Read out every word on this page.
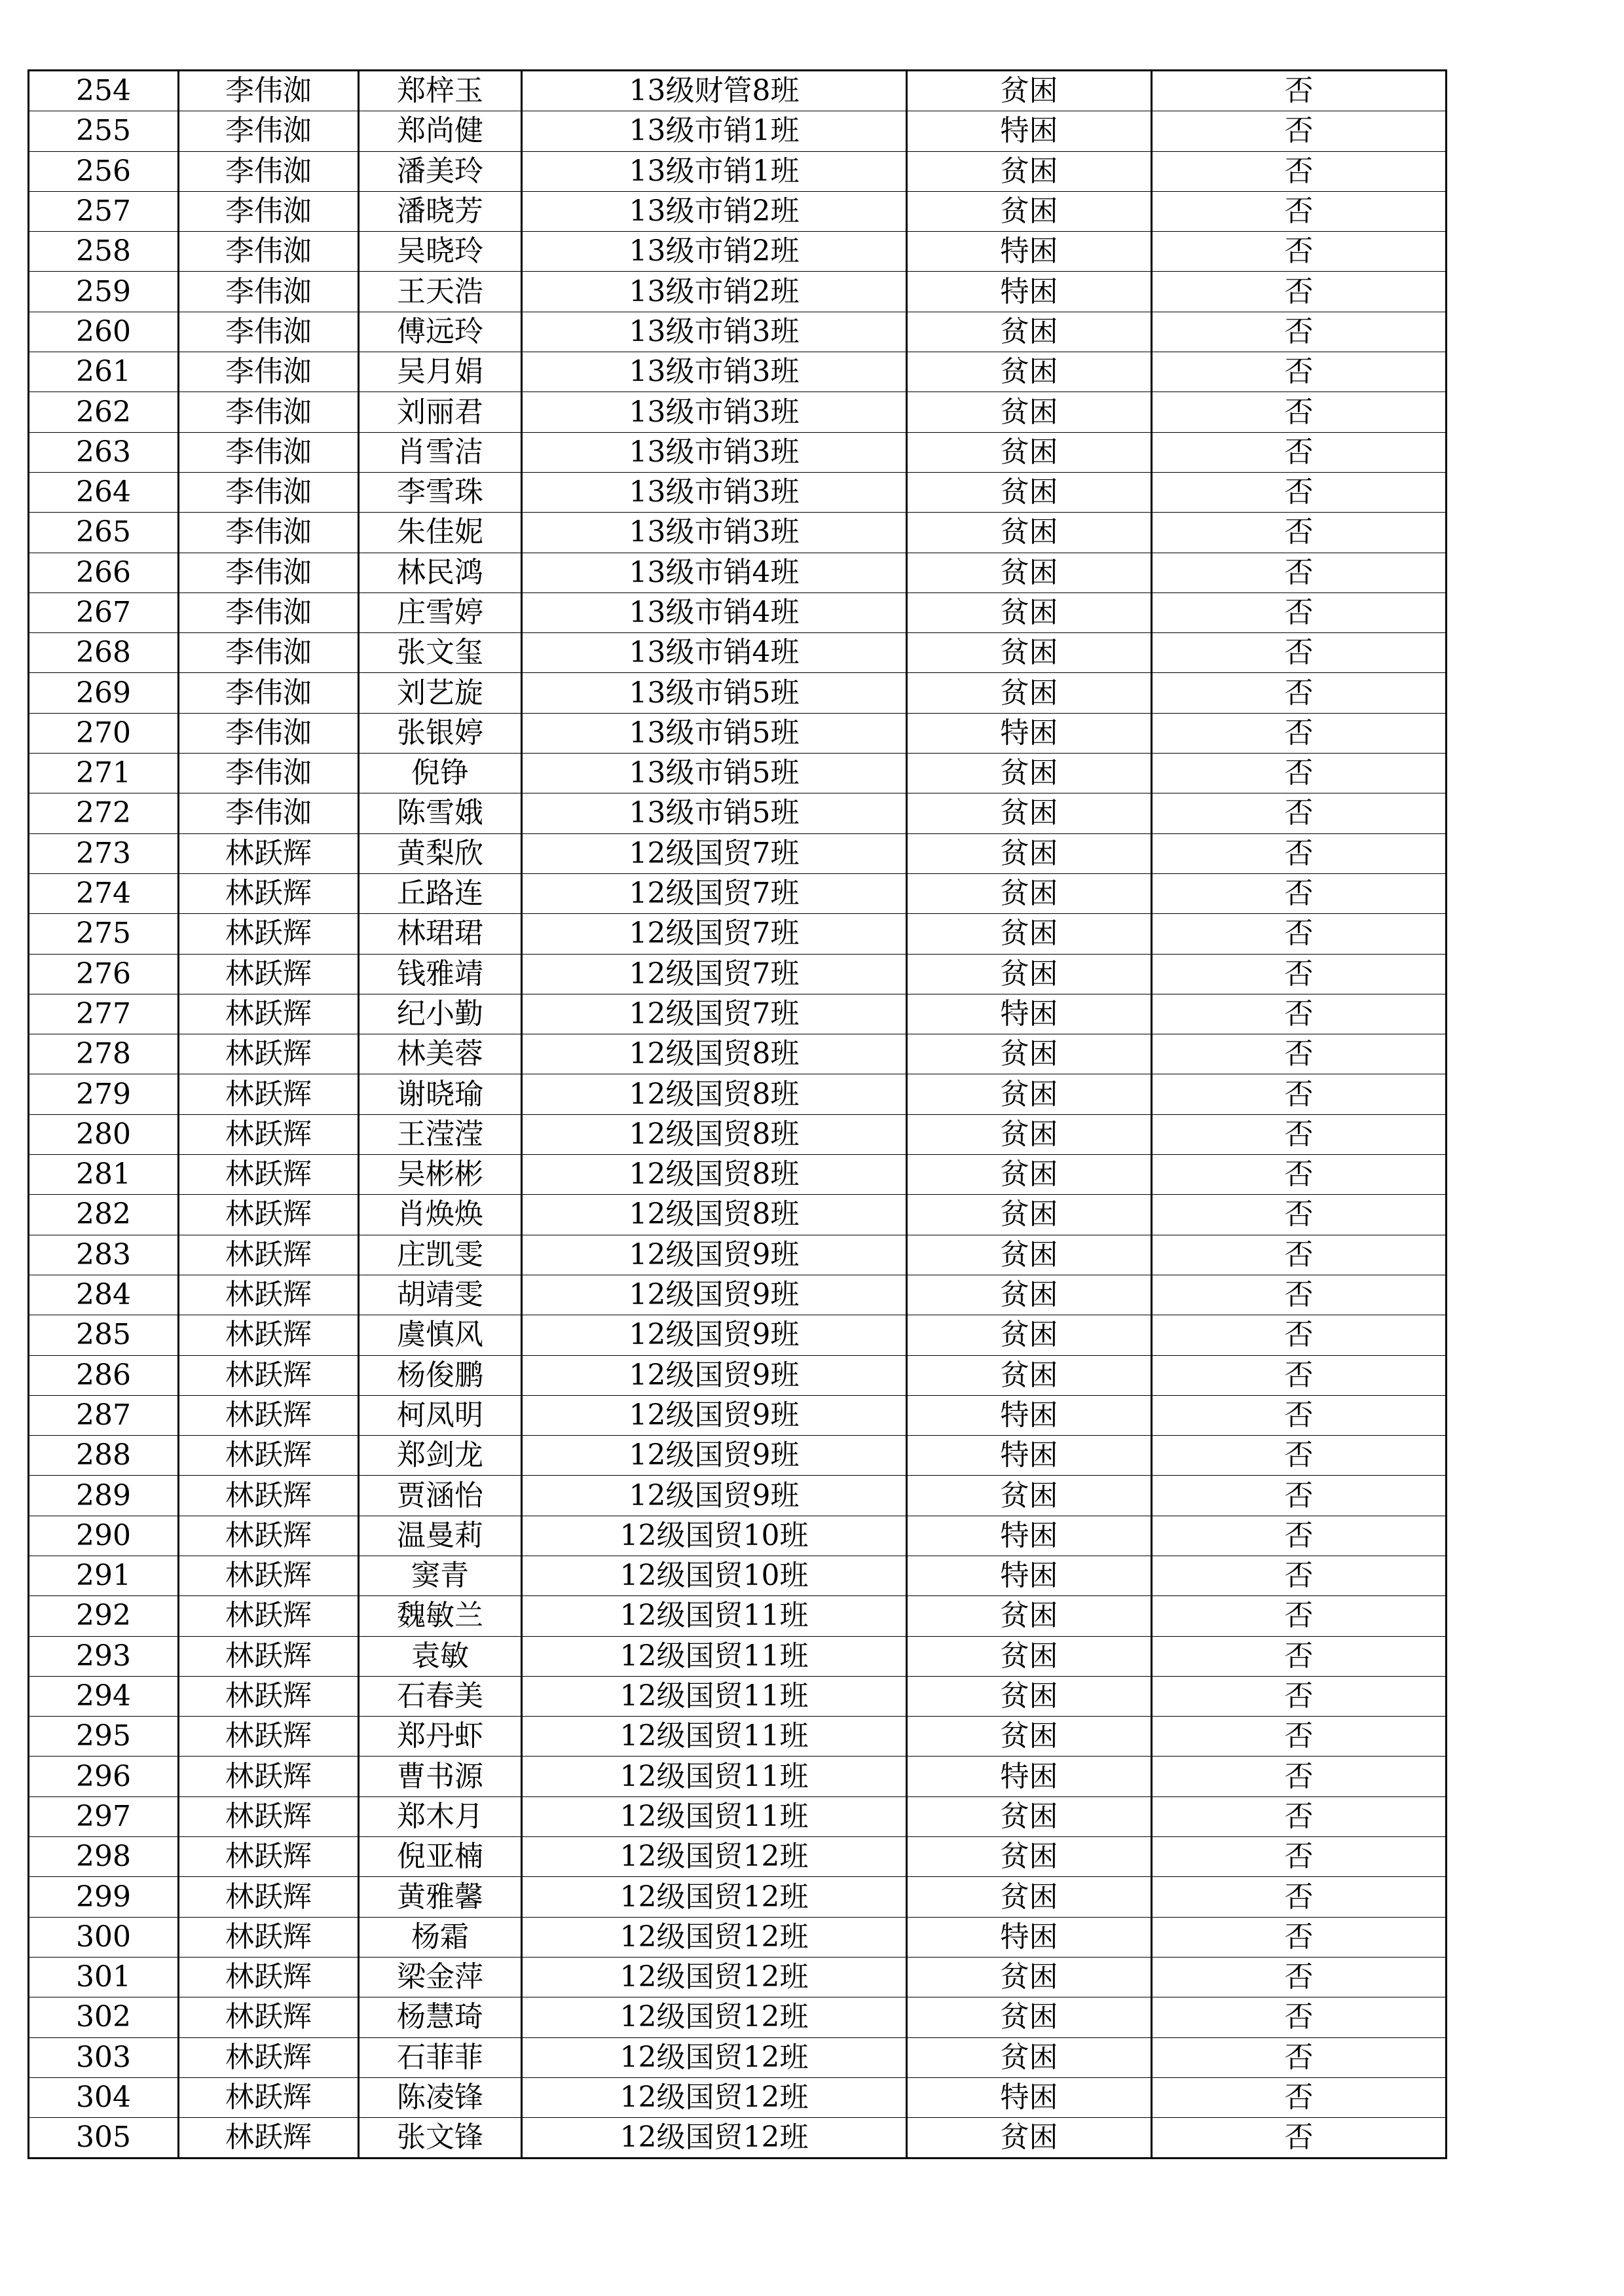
254	李伟洳	郑梓玉	13级财管8班	贫困	否
255	李伟洳	郑尚健	13级市销1班	特困	否
256	李伟洳	潘美玲	13级市销1班	贫困	否
257	李伟洳	潘晓芳	13级市销2班	贫困	否
258	李伟洳	吴晓玲	13级市销2班	特困	否
259	李伟洳	王天浩	13级市销2班	特困	否
260	李伟洳	傅远玲	13级市销3班	贫困	否
261	李伟洳	吴月娟	13级市销3班	贫困	否
262	李伟洳	刘丽君	13级市销3班	贫困	否
263	李伟洳	肖雪洁	13级市销3班	贫困	否
264	李伟洳	李雪珠	13级市销3班	贫困	否
265	李伟洳	朱佳妮	13级市销3班	贫困	否
266	李伟洳	林民鸿	13级市销4班	贫困	否
267	李伟洳	庄雪婷	13级市销4班	贫困	否
268	李伟洳	张文玺	13级市销4班	贫困	否
269	李伟洳	刘艺旋	13级市销5班	贫困	否
270	李伟洳	张银婷	13级市销5班	特困	否
271	李伟洳	倪铮	13级市销5班	贫困	否
272	李伟洳	陈雪娥	13级市销5班	贫困	否
273	林跃辉	黄梨欣	12级国贸7班	贫困	否
274	林跃辉	丘路连	12级国贸7班	贫困	否
275	林跃辉	林珺珺	12级国贸7班	贫困	否
276	林跃辉	钱雅靖	12级国贸7班	贫困	否
277	林跃辉	纪小勤	12级国贸7班	特困	否
278	林跃辉	林美蓉	12级国贸8班	贫困	否
279	林跃辉	谢晓瑜	12级国贸8班	贫困	否
280	林跃辉	王滢滢	12级国贸8班	贫困	否
281	林跃辉	吴彬彬	12级国贸8班	贫困	否
282	林跃辉	肖焕焕	12级国贸8班	贫困	否
283	林跃辉	庄凯雯	12级国贸9班	贫困	否
284	林跃辉	胡靖雯	12级国贸9班	贫困	否
285	林跃辉	虞慎风	12级国贸9班	贫困	否
286	林跃辉	杨俊鹏	12级国贸9班	贫困	否
287	林跃辉	柯凤明	12级国贸9班	特困	否
288	林跃辉	郑剑龙	12级国贸9班	特困	否
289	林跃辉	贾涵怡	12级国贸9班	贫困	否
290	林跃辉	温曼莉	12级国贸10班	特困	否
291	林跃辉	窦青	12级国贸10班	特困	否
292	林跃辉	魏敏兰	12级国贸11班	贫困	否
293	林跃辉	袁敏	12级国贸11班	贫困	否
294	林跃辉	石春美	12级国贸11班	贫困	否
295	林跃辉	郑丹虾	12级国贸11班	贫困	否
296	林跃辉	曹书源	12级国贸11班	特困	否
297	林跃辉	郑木月	12级国贸11班	贫困	否
298	林跃辉	倪亚楠	12级国贸12班	贫困	否
299	林跃辉	黄雅馨	12级国贸12班	贫困	否
300	林跃辉	杨霜	12级国贸12班	特困	否
301	林跃辉	梁金萍	12级国贸12班	贫困	否
302	林跃辉	杨慧琦	12级国贸12班	贫困	否
303	林跃辉	石菲菲	12级国贸12班	贫困	否
304	林跃辉	陈凌锋	12级国贸12班	特困	否
305	林跃辉	张文锋	12级国贸12班	贫困	否
